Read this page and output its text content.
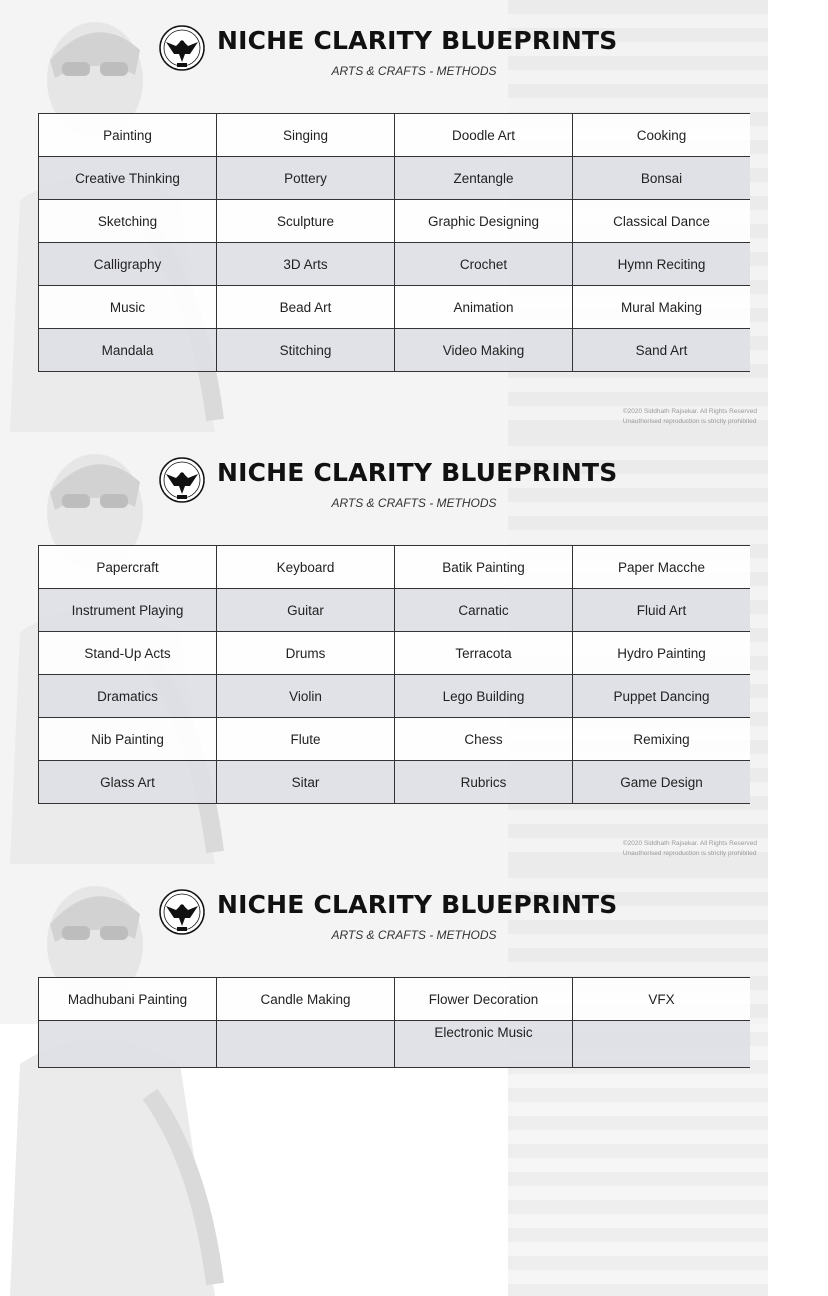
NICHE CLARITY BLUEPRINTS
ARTS & CRAFTS - METHODS
Painting	Singing	Doodle Art	Cooking
Creative Thinking	Pottery	Zentangle	Bonsai
Sketching	Sculpture	Graphic Designing	Classical Dance
Calligraphy	3D Arts	Crochet	Hymn Reciting
Music	Bead Art	Animation	Mural Making
Mandala	Stitching	Video Making	Sand Art
©2020 Siddhath Rajsekar. All Rights Reserved
Unauthorised reproduction is strictly prohibited
NICHE CLARITY BLUEPRINTS
ARTS & CRAFTS - METHODS
Papercraft	Keyboard	Batik Painting	Paper Macche
Instrument Playing	Guitar	Carnatic	Fluid Art
Stand-Up Acts	Drums	Terracota	Hydro Painting
Dramatics	Violin	Lego Building	Puppet Dancing
Nib Painting	Flute	Chess	Remixing
Glass Art	Sitar	Rubrics	Game Design
©2020 Siddhath Rajsekar. All Rights Reserved
Unauthorised reproduction is strictly prohibited
NICHE CLARITY BLUEPRINTS
ARTS & CRAFTS - METHODS
Madhubani Painting	Candle Making	Flower Decoration	VFX
		Electronic Music	
